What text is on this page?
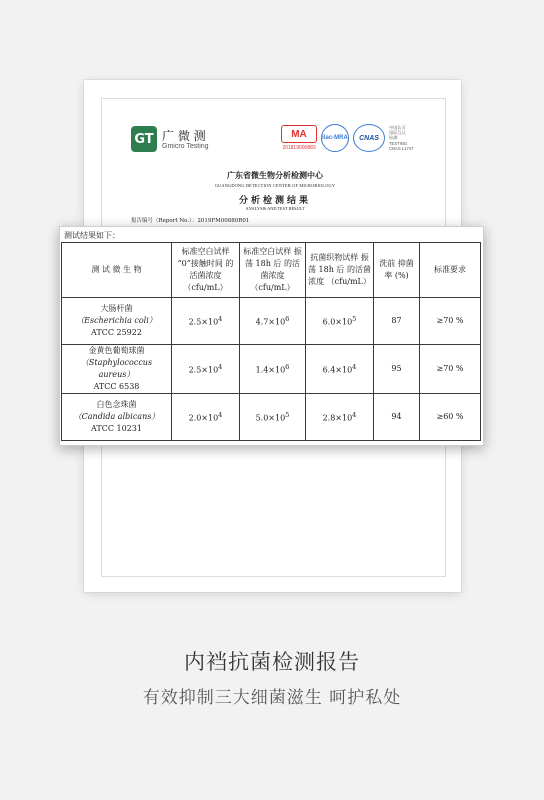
GT 广 微 测
Gmicro Testing
MA
201819000883
ilac-MRA	CNAS
中国认可
国际互认
检测
TESTING
CNAS L1747
广东省微生物分析检测中心
GUANGDONG DETECTION CENTER OF MICROBIOLOGY
分析检测结果
ANALYSIS AND TEST RESULT
报告编号（Report No.）：2019FM00880R01
测试结果如下：
测 试 微 生 物	标准空白试样 “0”接触时间 的活菌浓度 （cfu/mL）	标准空白试样 振荡 18h 后 的活菌浓度 （cfu/mL）	抗菌织物试样 振荡 18h 后 的活菌浓度 （cfu/mL）	洗前 抑菌率 (%)	标准要求

大肠杆菌
（Escherichia coli）
ATCC 25922	$2.5\times 10^4$	$4.7\times 10^6$	$6.0\times 10^5$	87	≥70 %

金黄色葡萄球菌
（Staphylococcus aureus）
ATCC 6538	$2.5\times 10^4$	$1.4\times 10^6$	$6.4\times 10^4$	95	≥70 %

白色念珠菌
（Candida albicans）
ATCC 10231	$2.0\times 10^4$	$5.0\times 10^5$	$2.8\times 10^4$	94	≥60 %
内裆抗菌检测报告
有效抑制三大细菌滋生 呵护私处
